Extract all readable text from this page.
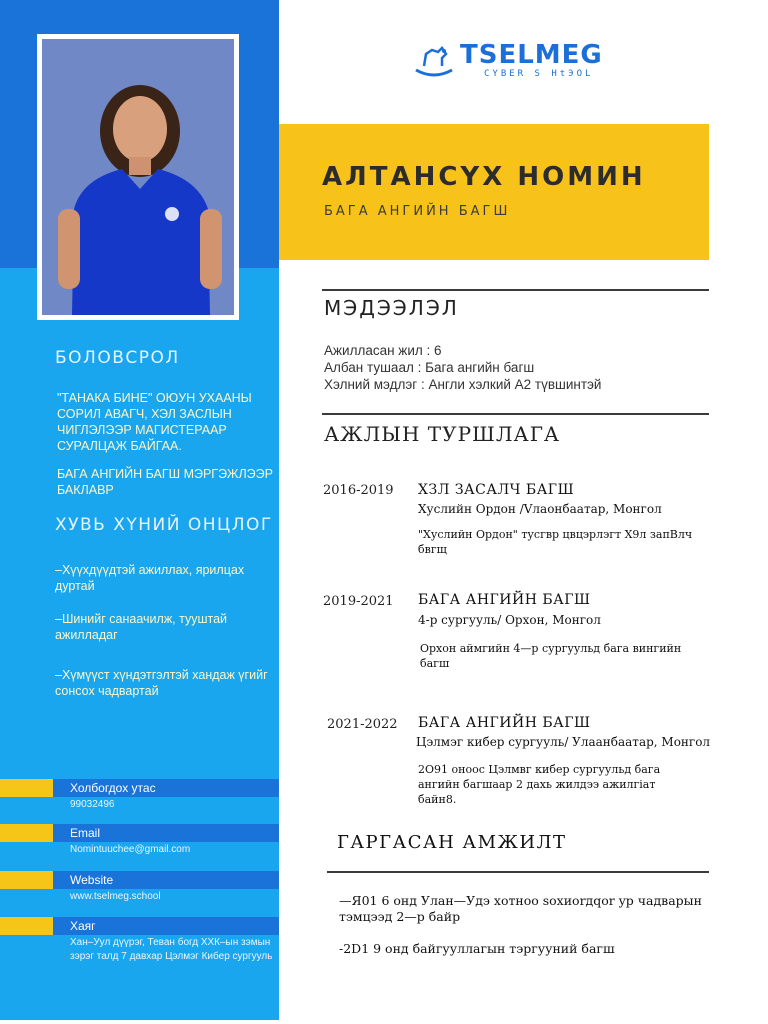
БОЛОВСРОЛ
"ТАНАКА БИНЕ" ОЮУН УХААНЫ СОРИЛ АВАГЧ, ХЭЛ ЗАСЛЫН ЧИГЛЭЛЭЭР МАГИСТЕРААР СУРАЛЦАЖ БАЙГАА.
БАГА АНГИЙН БАГШ МЭРГЭЖЛЭЭР БАКЛАВР
ХУВЬ ХҮНИЙ ОНЦЛОГ
–Хүүхдүүдтэй ажиллах, ярилцах дуртай
–Шинийг санаачилж, тууштай ажилладаг
–Хүмүүст хүндэтгэлтэй хандаж үгийг сонсох чадвартай
Холбогдох утас
99032496
Email
Nomintuuchee@gmail.com
Website
www.tselmeg.school
Хаяг
Хан–Уул дүүрэг, Теван богд ХХК–ын зэмын зэрэг талд 7 давхар Цэлмэг Кибер сургууль
TSELMEG
CYBER S HtЭOL
АЛТАНСҮХ НОМИН
БАГА АНГИЙН БАГШ
МЭДЭЭЛЭЛ
Ажилласан жил : 6
Албан тушаал : Бага ангийн багш
Хэлний мэдлэг : Англи хэлкий А2 түвшинтэй
АЖЛЫН ТУРШЛАГА
2016-2019 ХЗЛ ЗАСАЛЧ БАГШ
Хуслийн Ордон /Vлаонбаатар, Монгол
"Хуслийн Ордон" тусгвр цвцэрлэгт Х9л запВлч бвгщ
2019-2021 БАГА АНГИЙН БАГШ
4-р сургууль/ Орхон, Монгол
Орхон аймгийн 4—р сургуульд бага вингийн багш
2021-2022 БАГА АНГИЙН БАГШ
Цэлмэг кибер сургууль/ Улаанбаатар, Монгол
2О91 оноос Цэлмвг кибер сургуульд бага ангийн багшаар 2 дахь жилдээ ажилгiат байн8.
ГАРГАСАН АМЖИЛТ
—Я01 6 онд Улан—Удэ хотноо soxиorдqor yp чадварын тэмцээд 2—р байр
-2D1 9 онд байгууллагын тэргууний багш
